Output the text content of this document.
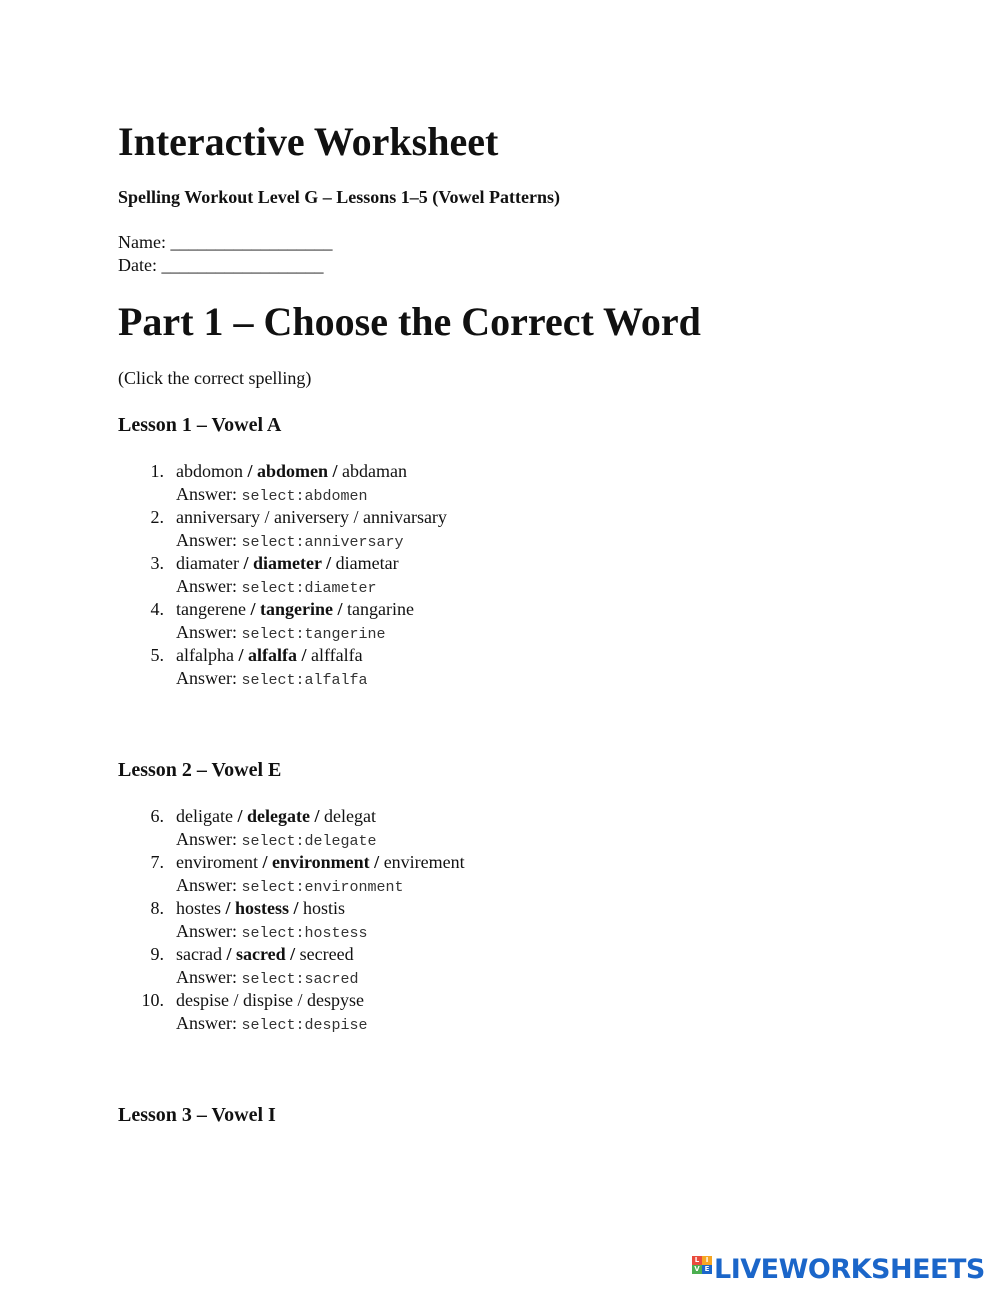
Interactive Worksheet
Spelling Workout Level G – Lessons 1–5 (Vowel Patterns)
Name: __________________
Date: __________________
Part 1 – Choose the Correct Word
(Click the correct spelling)
Lesson 1 – Vowel A
1. abdomon / abdomen / abdaman
Answer: select:abdomen
2. anniversary / aniversery / annivarsary
Answer: select:anniversary
3. diamater / diameter / diametar
Answer: select:diameter
4. tangerene / tangerine / tangarine
Answer: select:tangerine
5. alfalpha / alfalfa / alffalfa
Answer: select:alfalfa
Lesson 2 – Vowel E
6. deligate / delegate / delegat
Answer: select:delegate
7. enviroment / environment / envirement
Answer: select:environment
8. hostes / hostess / hostis
Answer: select:hostess
9. sacrad / sacred / secreed
Answer: select:sacred
10. despise / dispise / despyse
Answer: select:despise
Lesson 3 – Vowel I
L I
V E LIVEWORKSHEETS
